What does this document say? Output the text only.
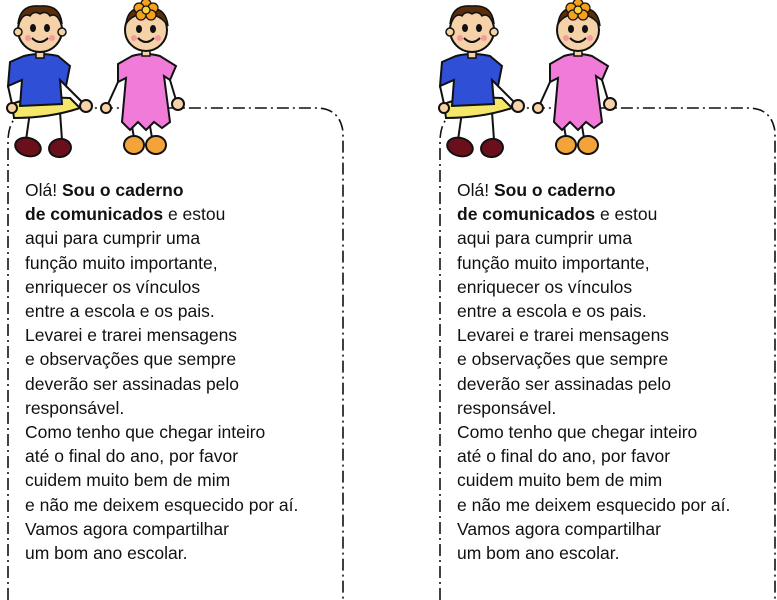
Olá! Sou o caderno
de comunicados e estou
aqui para cumprir uma
função muito importante,
enriquecer os vínculos
entre a escola e os pais.
Levarei e trarei mensagens
e observações que sempre
deverão ser assinadas pelo
responsável.
Como tenho que chegar inteiro
até o final do ano, por favor
cuidem muito bem de mim
e não me deixem esquecido por aí.
Vamos agora compartilhar
um bom ano escolar.
Olá! Sou o caderno
de comunicados e estou
aqui para cumprir uma
função muito importante,
enriquecer os vínculos
entre a escola e os pais.
Levarei e trarei mensagens
e observações que sempre
deverão ser assinadas pelo
responsável.
Como tenho que chegar inteiro
até o final do ano, por favor
cuidem muito bem de mim
e não me deixem esquecido por aí.
Vamos agora compartilhar
um bom ano escolar.
